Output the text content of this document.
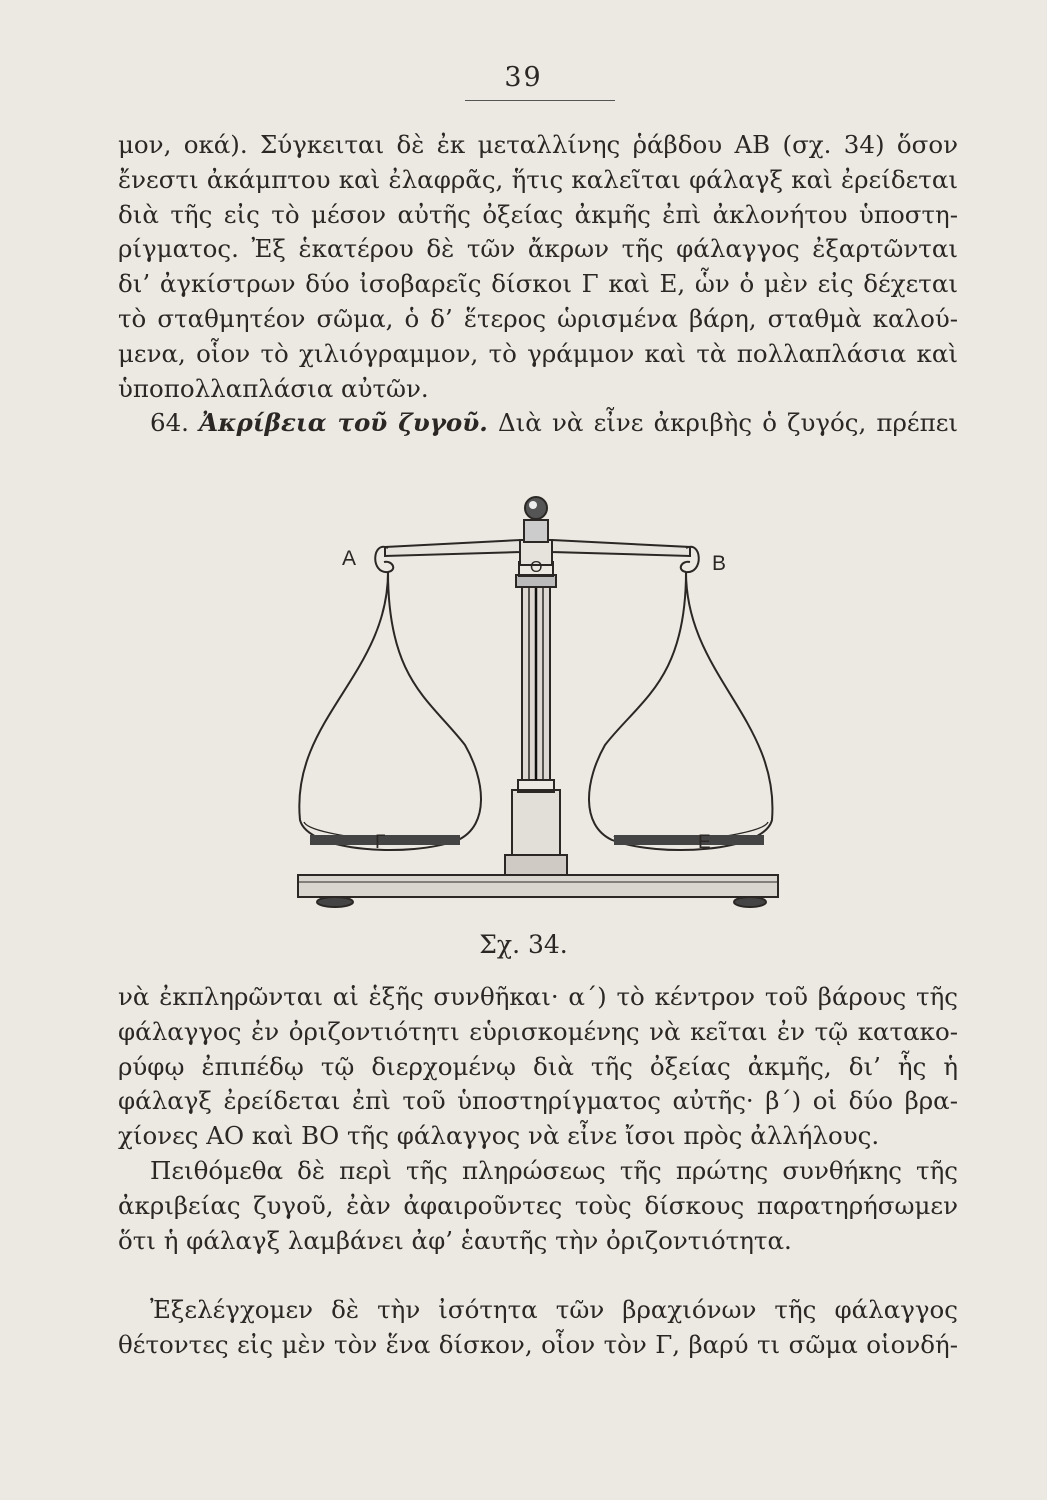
39
μον, οκά). Σύγκειται δὲ ἐκ μεταλλίνης ῥάβδου ΑΒ (σχ. 34) ὅσον
ἔνεστι ἀκάμπτου καὶ ἐλαφρᾶς, ἥτις καλεῖται φάλαγξ καὶ ἐρείδεται
διὰ τῆς εἰς τὸ μέσον αὐτῆς ὀξείας ἀκμῆς ἐπὶ ἀκλονήτου ὑποστη-
ρίγματος. Ἐξ ἑκατέρου δὲ τῶν ἄκρων τῆς φάλαγγος ἐξαρτῶνται
δι’ ἀγκίστρων δύο ἰσοβαρεῖς δίσκοι Γ καὶ Ε, ὧν ὁ μὲν εἰς δέχεται
τὸ σταθμητέον σῶμα, ὁ δ’ ἕτερος ὡρισμένα βάρη, σταθμὰ καλού-
μενα, οἷον τὸ χιλιόγραμμον, τὸ γράμμον καὶ τὰ πολλαπλάσια καὶ
ὑποπολλαπλάσια αὐτῶν.
64. Ἀκρίβεια τοῦ ζυγοῦ. Διὰ νὰ εἶνε ἀκριβὴς ὁ ζυγός, πρέπει
Α	Β
Ο
Γ	Ε
Σχ. 34.
νὰ ἐκπληρῶνται αἱ ἑξῆς συνθῆκαι· α΄) τὸ κέντρον τοῦ βάρους τῆς
φάλαγγος ἐν ὀριζοντιότητι εὑρισκομένης νὰ κεῖται ἐν τῷ κατακο-
ρύφῳ ἐπιπέδῳ τῷ διερχομένῳ διὰ τῆς ὀξείας ἀκμῆς, δι’ ἧς ἡ
φάλαγξ ἐρείδεται ἐπὶ τοῦ ὑποστηρίγματος αὐτῆς· β΄) οἱ δύο βρα-
χίονες ΑΟ καὶ ΒΟ τῆς φάλαγγος νὰ εἶνε ἴσοι πρὸς ἀλλήλους.
Πειθόμεθα δὲ περὶ τῆς πληρώσεως τῆς πρώτης συνθήκης τῆς
ἀκριβείας ζυγοῦ, ἐὰν ἀφαιροῦντες τοὺς δίσκους παρατηρήσωμεν
ὅτι ἡ φάλαγξ λαμβάνει ἀφ’ ἑαυτῆς τὴν ὀριζοντιότητα.
Ἐξελέγχομεν δὲ τὴν ἰσότητα τῶν βραχιόνων τῆς φάλαγγος
θέτοντες εἰς μὲν τὸν ἕνα δίσκον, οἷον τὸν Γ, βαρύ τι σῶμα οἱονδή-
